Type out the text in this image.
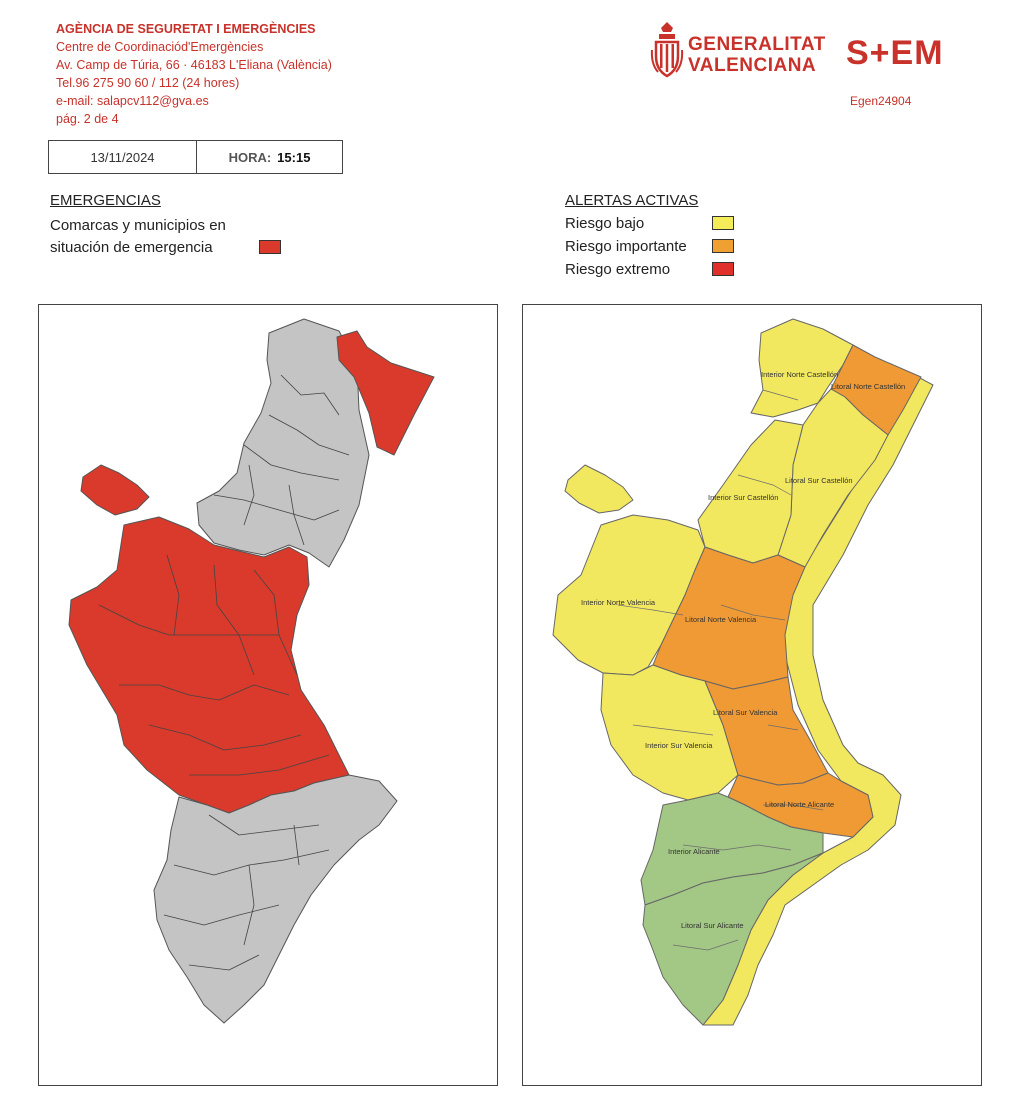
AGÈNCIA DE SEGURETAT I EMERGÈNCIES
Centre de Coordinaciód'Emergències
Av. Camp de Túria, 66 · 46183 L'Eliana (València)
Tel.96 275 90 60 / 112 (24 hores)
e-mail: salapcv112@gva.es
pág. 2 de 4
GENERALITAT
VALENCIANA S+EM
Egen24904
13/11/2024	HORA: 15:15
EMERGENCIAS
Comarcas y municipios en
situación de emergencia
ALERTAS ACTIVAS
Riesgo bajo
Riesgo importante
Riesgo extremo
Interior Norte Castellón
Litoral Norte Castellón
Litoral Sur Castellón
Interior Sur Castellón
Interior Norte Valencia
Litoral Norte Valencia
Litoral Sur Valencia
Interior Sur Valencia
Litoral Norte Alicante
Interior Alicante
Litoral Sur Alicante
